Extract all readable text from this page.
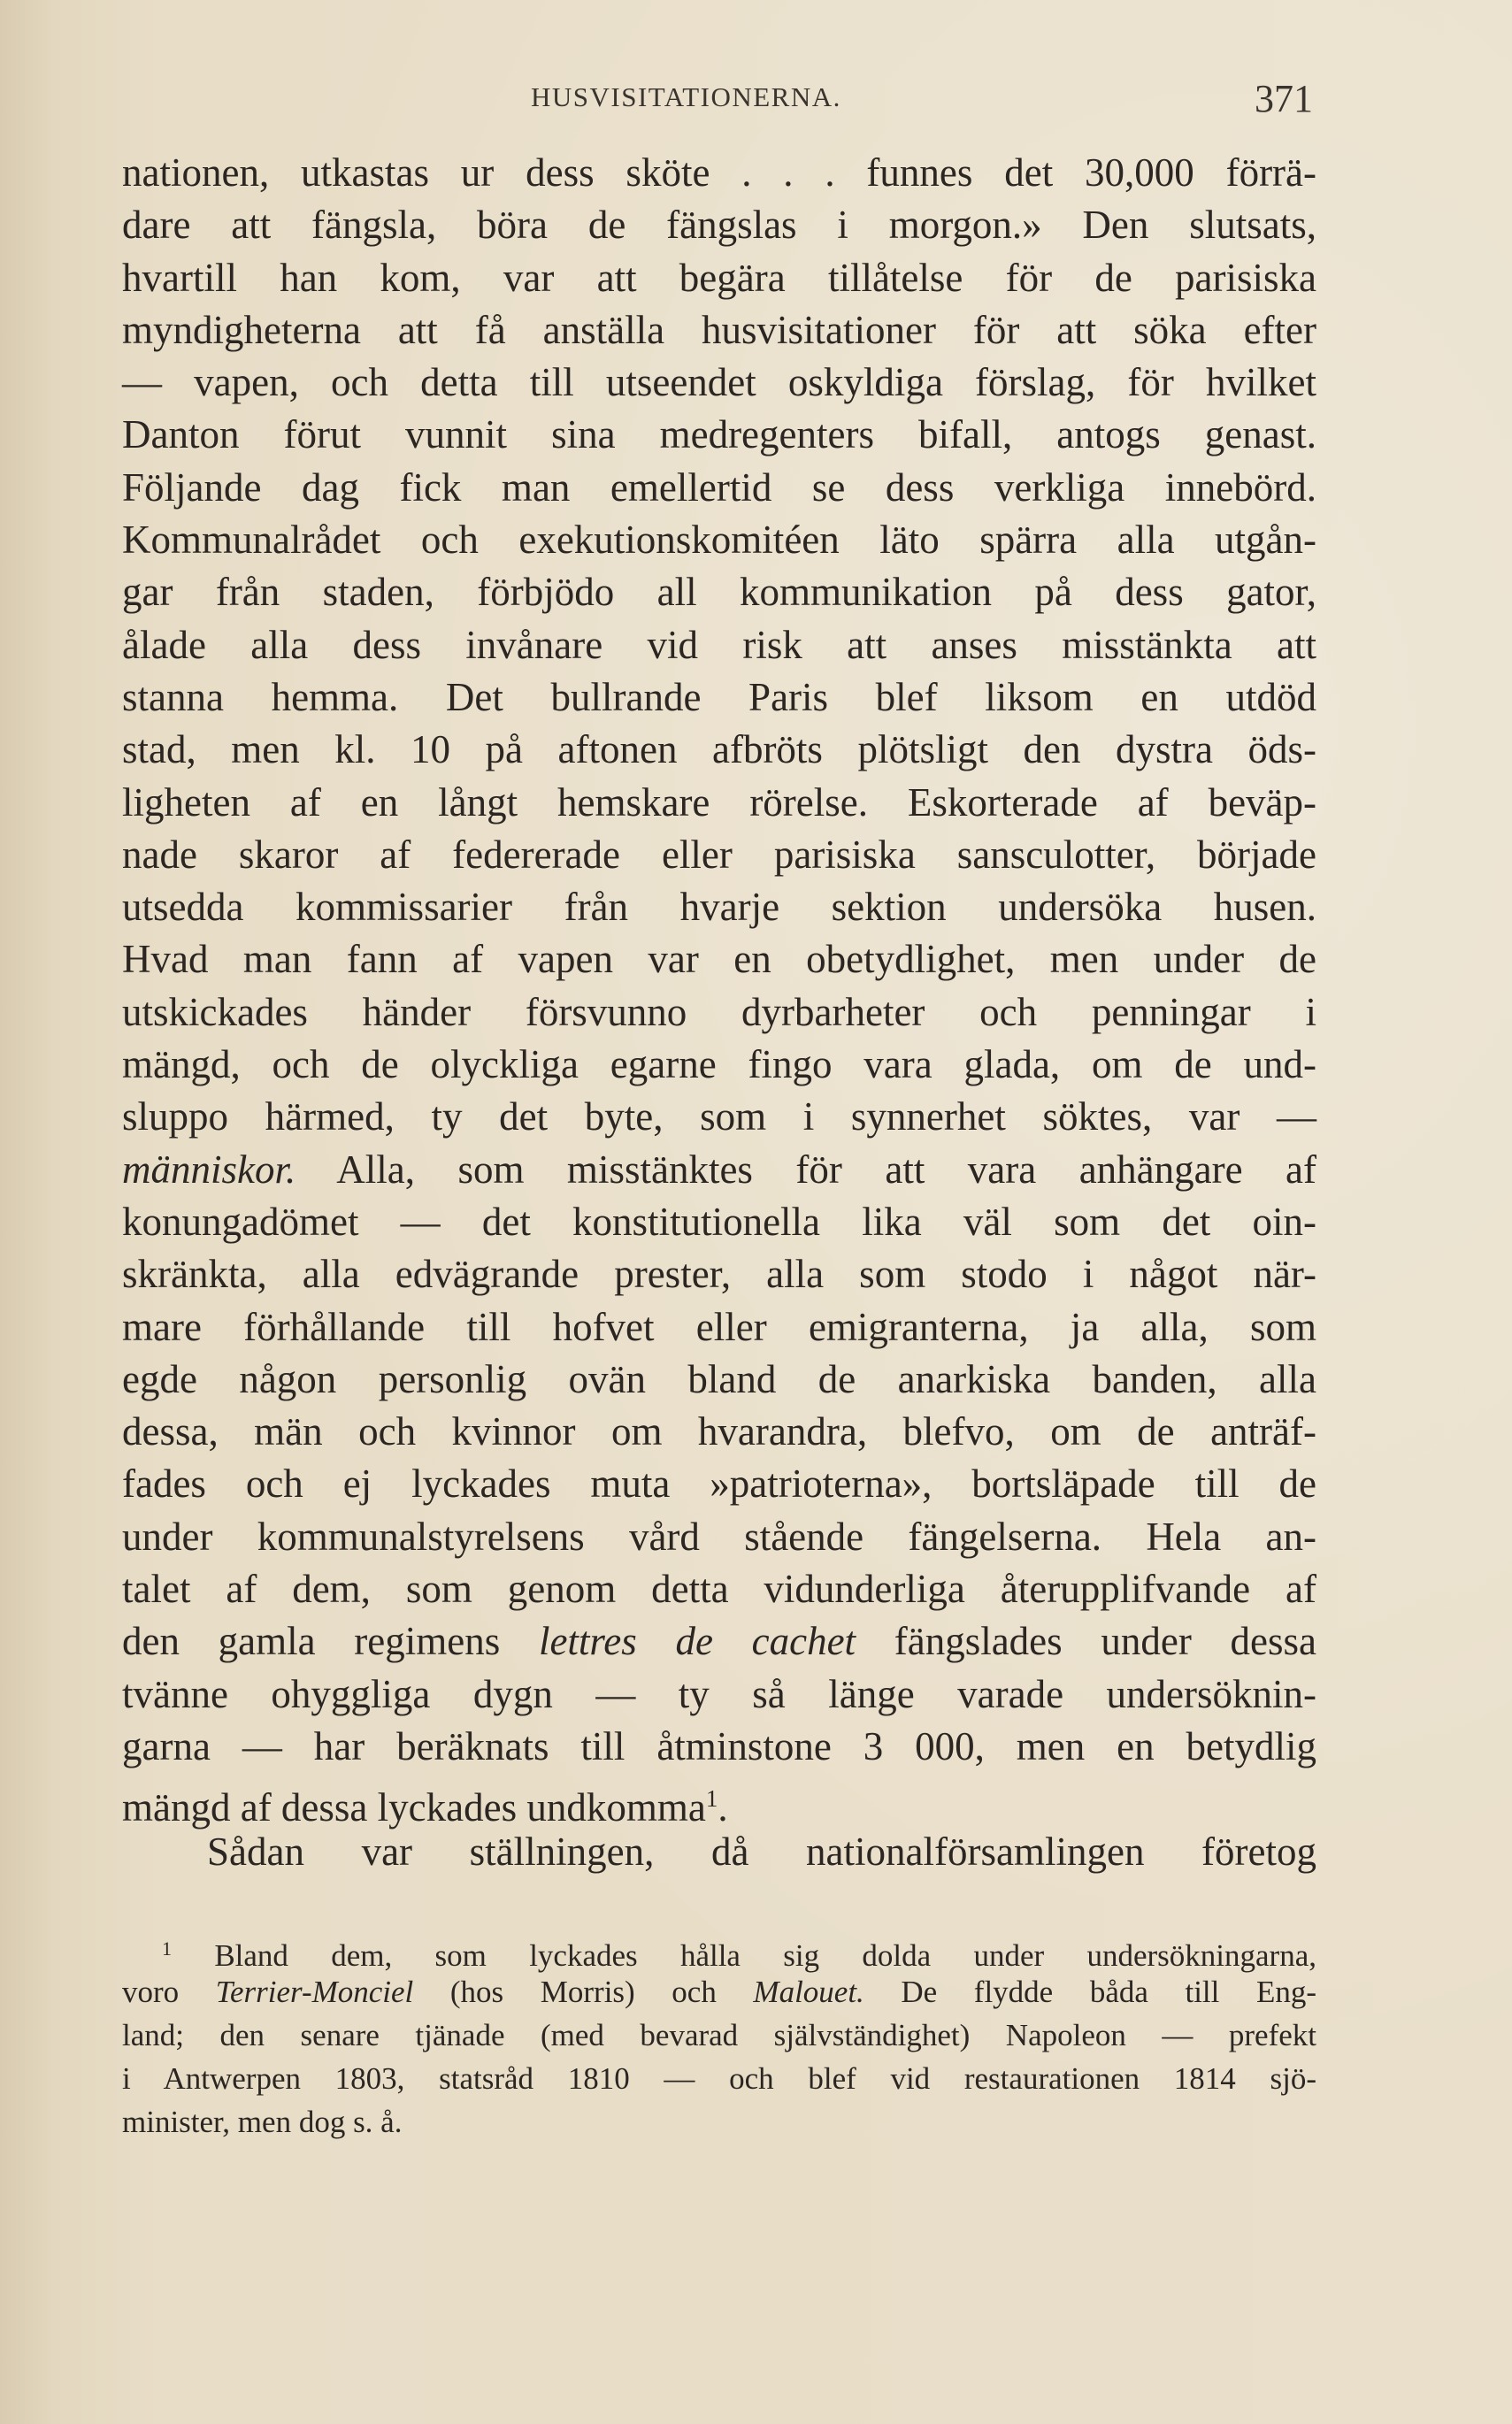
HUSVISITATIONERNA.	371
nationen, utkastas ur dess sköte . . . funnes det 30,000 förrä-
dare att fängsla, böra de fängslas i morgon.» Den slutsats,
hvartill han kom, var att begära tillåtelse för de parisiska
myndigheterna att få anställa husvisitationer för att söka efter
— vapen, och detta till utseendet oskyldiga förslag, för hvilket
Danton förut vunnit sina medregenters bifall, antogs genast.
Följande dag fick man emellertid se dess verkliga innebörd.
Kommunalrådet och exekutionskomitéen läto spärra alla utgån-
gar från staden, förbjödo all kommunikation på dess gator,
ålade alla dess invånare vid risk att anses misstänkta att
stanna hemma. Det bullrande Paris blef liksom en utdöd
stad, men kl. 10 på aftonen afbröts plötsligt den dystra öds-
ligheten af en långt hemskare rörelse. Eskorterade af beväp-
nade skaror af federerade eller parisiska sansculotter, började
utsedda kommissarier från hvarje sektion undersöka husen.
Hvad man fann af vapen var en obetydlighet, men under de
utskickades händer försvunno dyrbarheter och penningar i
mängd, och de olyckliga egarne fingo vara glada, om de und-
sluppo härmed, ty det byte, som i synnerhet söktes, var —
människor. Alla, som misstänktes för att vara anhängare af
konungadömet — det konstitutionella lika väl som det oin-
skränkta, alla edvägrande prester, alla som stodo i något när-
mare förhållande till hofvet eller emigranterna, ja alla, som
egde någon personlig ovän bland de anarkiska banden, alla
dessa, män och kvinnor om hvarandra, blefvo, om de anträf-
fades och ej lyckades muta »patrioterna», bortsläpade till de
under kommunalstyrelsens vård stående fängelserna. Hela an-
talet af dem, som genom detta vidunderliga återupplifvande af
den gamla regimens lettres de cachet fängslades under dessa
tvänne ohyggliga dygn — ty så länge varade undersöknin-
garna — har beräknats till åtminstone 3 000, men en betydlig
mängd af dessa lyckades undkomma$^1$.
Sådan var ställningen, då nationalförsamlingen företog
$^1$ Bland dem, som lyckades hålla sig dolda under undersökningarna,
voro Terrier-Monciel (hos Morris) och Malouet. De flydde båda till Eng-
land; den senare tjänade (med bevarad självständighet) Napoleon — prefekt
i Antwerpen 1803, statsråd 1810 — och blef vid restaurationen 1814 sjö-
minister, men dog s. å.
